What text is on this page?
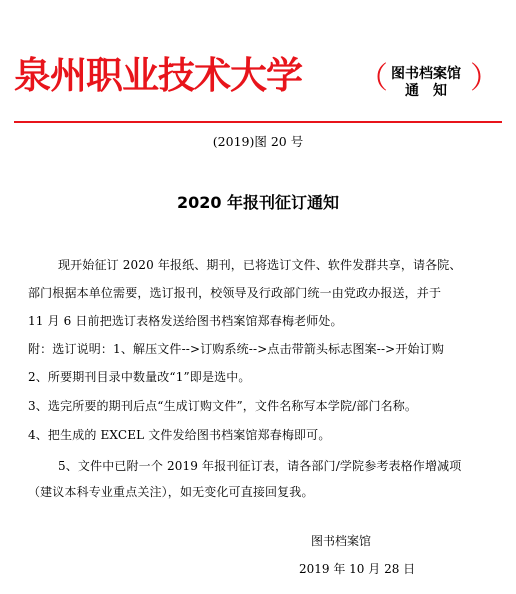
泉州职业技术大学 （ 图书档案馆
通　知 ）
(2019)图 20 号
2020 年报刊征订通知
现开始征订 2020 年报纸、期刊，已将选订文件、软件发群共享，请各院、
部门根据本单位需要，选订报刊，校领导及行政部门统一由党政办报送，并于
11 月 6 日前把选订表格发送给图书档案馆郑春梅老师处。
附：选订说明：1、解压文件-->订购系统-->点击带箭头标志图案-->开始订购
2、所要期刊目录中数量改“1”即是选中。
3、选完所要的期刊后点“生成订购文件”，文件名称写本学院/部门名称。
4、把生成的 EXCEL 文件发给图书档案馆郑春梅即可。
5、文件中已附一个 2019 年报刊征订表，请各部门/学院参考表格作增减项
（建议本科专业重点关注），如无变化可直接回复我。
图书档案馆
2019 年 10 月 28 日
